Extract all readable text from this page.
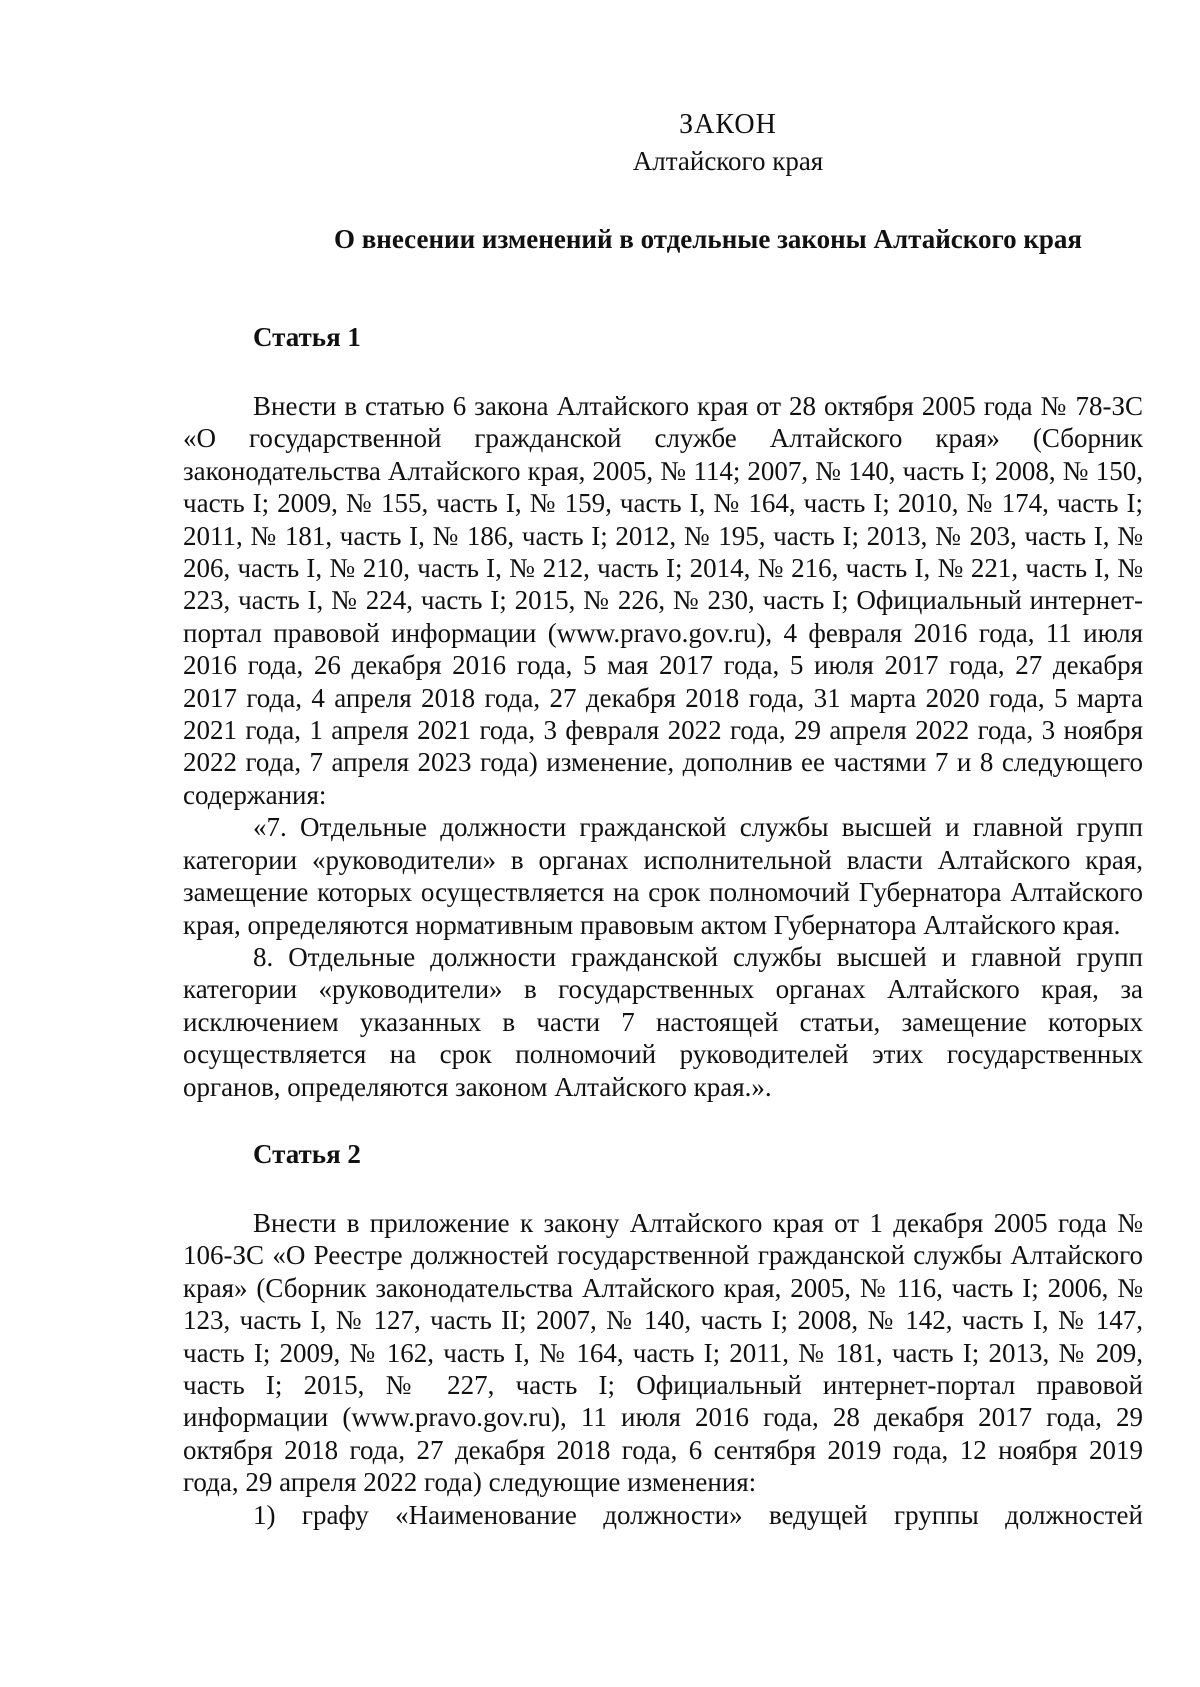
ЗАКОН
Алтайского края
О внесении изменений в отдельные законы Алтайского края
Статья 1

Внести в статью 6 закона Алтайского края от 28 октября 2005 года № 78-ЗС «О государственной гражданской службе Алтайского края» (Сборник законодательства Алтайского края, 2005, № 114; 2007, № 140, часть I; 2008, № 150, часть I; 2009, № 155, часть I, № 159, часть I, № 164, часть I; 2010, № 174, часть I; 2011, № 181, часть I, № 186, часть I; 2012, № 195, часть I; 2013, № 203, часть I, № 206, часть I, № 210, часть I, № 212, часть I; 2014, № 216, часть I, № 221, часть I, № 223, часть I, № 224, часть I; 2015, № 226, № 230, часть I; Официальный интернет-портал правовой информации (www.pravo.gov.ru), 4 февраля 2016 года, 11 июля 2016 года, 26 декабря 2016 года, 5 мая 2017 года, 5 июля 2017 года, 27 декабря 2017 года, 4 апреля 2018 года, 27 декабря 2018 года, 31 марта 2020 года, 5 марта 2021 года, 1 апреля 2021 года, 3 февраля 2022 года, 29 апреля 2022 года, 3 ноября 2022 года, 7 апреля 2023 года) изменение, дополнив ее частями 7 и 8 следующего содержания:

«7. Отдельные должности гражданской службы высшей и главной групп категории «руководители» в органах исполнительной власти Алтайского края, замещение которых осуществляется на срок полномочий Губернатора Алтайского края, определяются нормативным правовым актом Губернатора Алтайского края.

8. Отдельные должности гражданской службы высшей и главной групп категории «руководители» в государственных органах Алтайского края, за исключением указанных в части 7 настоящей статьи, замещение которых осуществляется на срок полномочий руководителей этих государственных органов, определяются законом Алтайского края.».

Статья 2

Внести в приложение к закону Алтайского края от 1 декабря 2005 года № 106-ЗС «О Реестре должностей государственной гражданской службы Алтайского края» (Сборник законодательства Алтайского края, 2005, № 116, часть I; 2006, № 123, часть I, № 127, часть II; 2007, № 140, часть I; 2008, № 142, часть I, № 147, часть I; 2009, № 162, часть I, № 164, часть I; 2011, № 181, часть I; 2013, № 209, часть I; 2015, № 227, часть I; Официальный интернет-портал правовой информации (www.pravo.gov.ru), 11 июля 2016 года, 28 декабря 2017 года, 29 октября 2018 года, 27 декабря 2018 года, 6 сентября 2019 года, 12 ноября 2019 года, 29 апреля 2022 года) следующие изменения:

1) графу «Наименование должности» ведущей группы должностей
